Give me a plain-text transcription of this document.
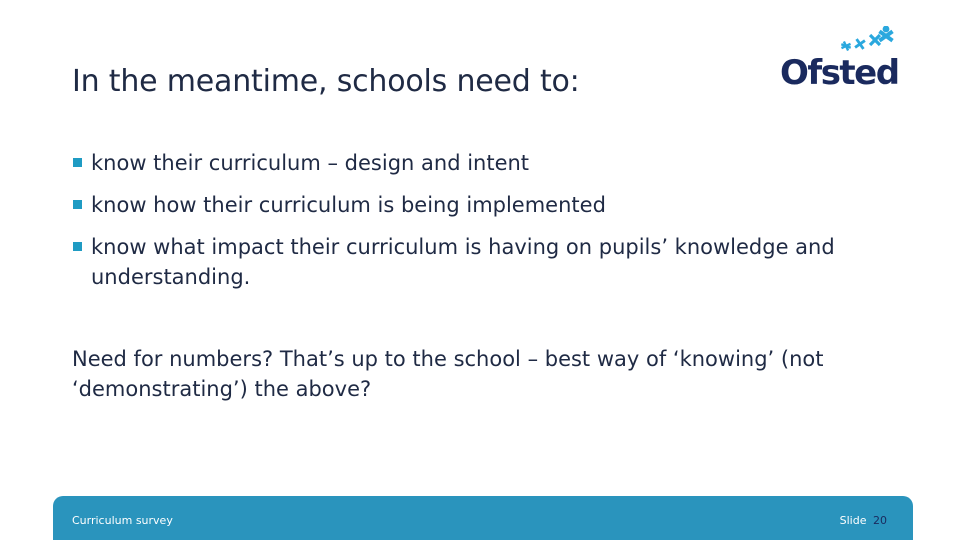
In the meantime, schools need to:	Ofsted
know their curriculum – design and intent
know how their curriculum is being implemented
know what impact their curriculum is having on pupils’ knowledge and understanding.

Need for numbers? That’s up to the school – best way of ‘knowing’ (not ‘demonstrating’) the above?

Curriculum survey	Slide 20
